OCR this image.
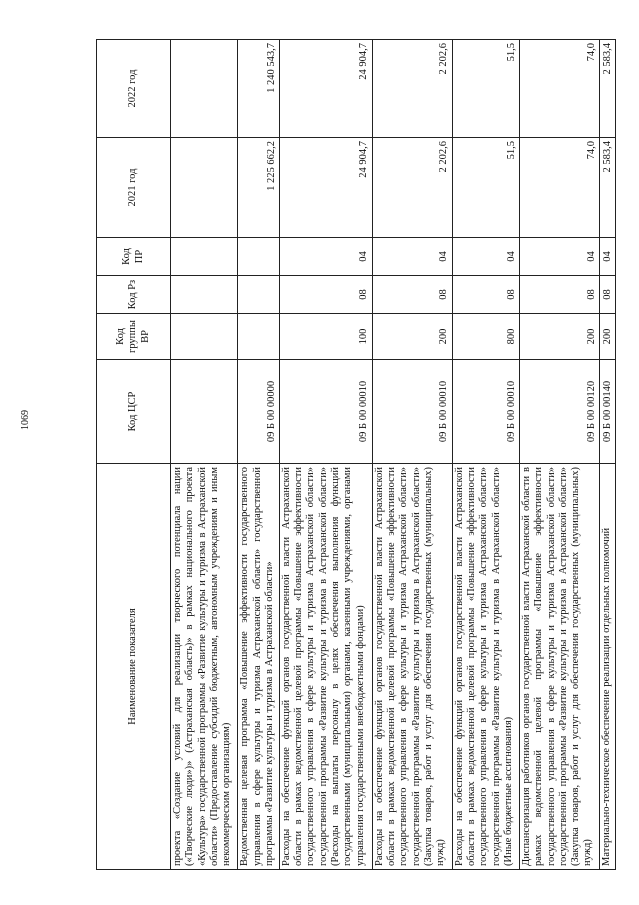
1069
Наименование показателя	Код ЦСР	Код группы ВР	Код Рз	Код ПР	2021 год	2022 год
проекта «Создание условий для реализации творческого потенциала нации («Творческие люди»)» (Астраханская область)» в рамках национального проекта «Культура» государственной программы «Развитие культуры и туризма в Астраханской области» (Предоставление субсидий бюджетным, автономным учреждениям и иным некоммерческим организациям)						
Ведомственная целевая программа «Повышение эффективности государственного управления в сфере культуры и туризма Астраханской области» государственной программы «Развитие культуры и туризма в Астраханской области»	09 Б 00 00000				1 225 662,2	1 240 543,7
Расходы на обеспечение функций органов государственной власти Астраханской области в рамках ведомственной целевой программы «Повышение эффективности государственного управления в сфере культуры и туризма Астраханской области» государственной программы «Развитие культуры и туризма в Астраханской области» (Расходы на выплаты персоналу в целях обеспечения выполнения функций государственными (муниципальными) органами, казенными учреждениями, органами управления государственными внебюджетными фондами)	09 Б 00 00010	100	08	04	24 904,7	24 904,7
Расходы на обеспечение функций органов государственной власти Астраханской области в рамках ведомственной целевой программы «Повышение эффективности государственного управления в сфере культуры и туризма Астраханской области» государственной программы «Развитие культуры и туризма в Астраханской области» (Закупка товаров, работ и услуг для обеспечения государственных (муниципальных) нужд)	09 Б 00 00010	200	08	04	2 202,6	2 202,6
Расходы на обеспечение функций органов государственной власти Астраханской области в рамках ведомственной целевой программы «Повышение эффективности государственного управления в сфере культуры и туризма Астраханской области» государственной программы «Развитие культуры и туризма в Астраханской области» (Иные бюджетные ассигнования)	09 Б 00 00010	800	08	04	51,5	51,5
Диспансеризация работников органов государственной власти Астраханской области в рамках ведомственной целевой программы «Повышение эффективности государственного управления в сфере культуры и туризма Астраханской области» государственной программы «Развитие культуры и туризма в Астраханской области» (Закупка товаров, работ и услуг для обеспечения государственных (муниципальных) нужд)	09 Б 00 00120	200	08	04	74,0	74,0
Материально-техническое обеспечение реализации отдельных полномочий	09 Б 00 00140	200	08	04	2 583,4	2 583,4
